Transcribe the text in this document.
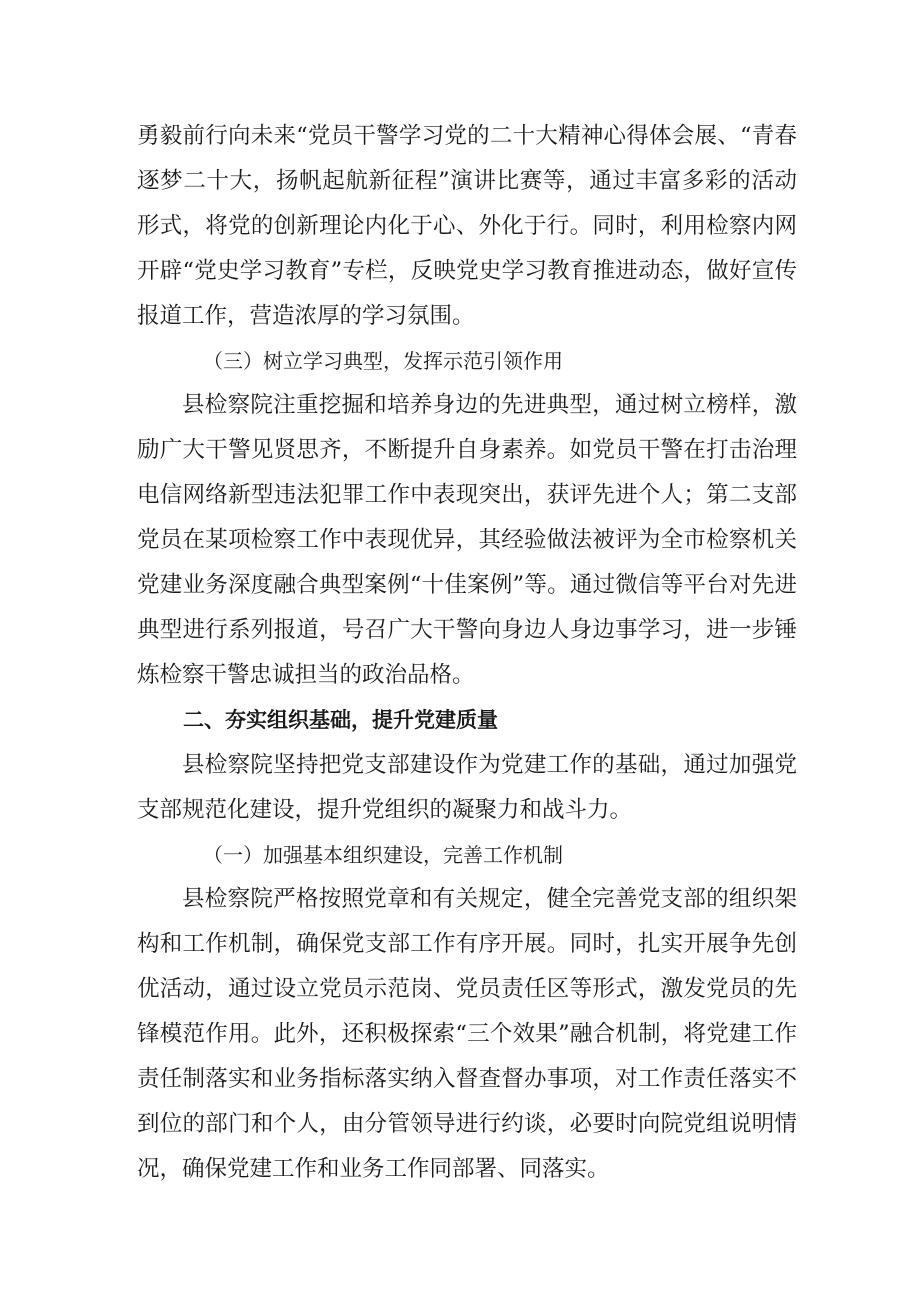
勇毅前行向未来“党员干警学习党的二十大精神心得体会展、“青春逐梦二十大，扬帆起航新征程”演讲比赛等，通过丰富多彩的活动形式，将党的创新理论内化于心、外化于行。同时，利用检察内网开辟“党史学习教育”专栏，反映党史学习教育推进动态，做好宣传报道工作，营造浓厚的学习氛围。

（三）树立学习典型，发挥示范引领作用

县检察院注重挖掘和培养身边的先进典型，通过树立榜样，激励广大干警见贤思齐，不断提升自身素养。如党员干警在打击治理电信网络新型违法犯罪工作中表现突出，获评先进个人；第二支部党员在某项检察工作中表现优异，其经验做法被评为全市检察机关党建业务深度融合典型案例“十佳案例”等。通过微信等平台对先进典型进行系列报道，号召广大干警向身边人身边事学习，进一步锤炼检察干警忠诚担当的政治品格。

二、夯实组织基础，提升党建质量

县检察院坚持把党支部建设作为党建工作的基础，通过加强党支部规范化建设，提升党组织的凝聚力和战斗力。

（一）加强基本组织建设，完善工作机制

县检察院严格按照党章和有关规定，健全完善党支部的组织架构和工作机制，确保党支部工作有序开展。同时，扎实开展争先创优活动，通过设立党员示范岗、党员责任区等形式，激发党员的先锋模范作用。此外，还积极探索“三个效果”融合机制，将党建工作责任制落实和业务指标落实纳入督查督办事项，对工作责任落实不到位的部门和个人，由分管领导进行约谈，必要时向院党组说明情况，确保党建工作和业务工作同部署、同落实。
